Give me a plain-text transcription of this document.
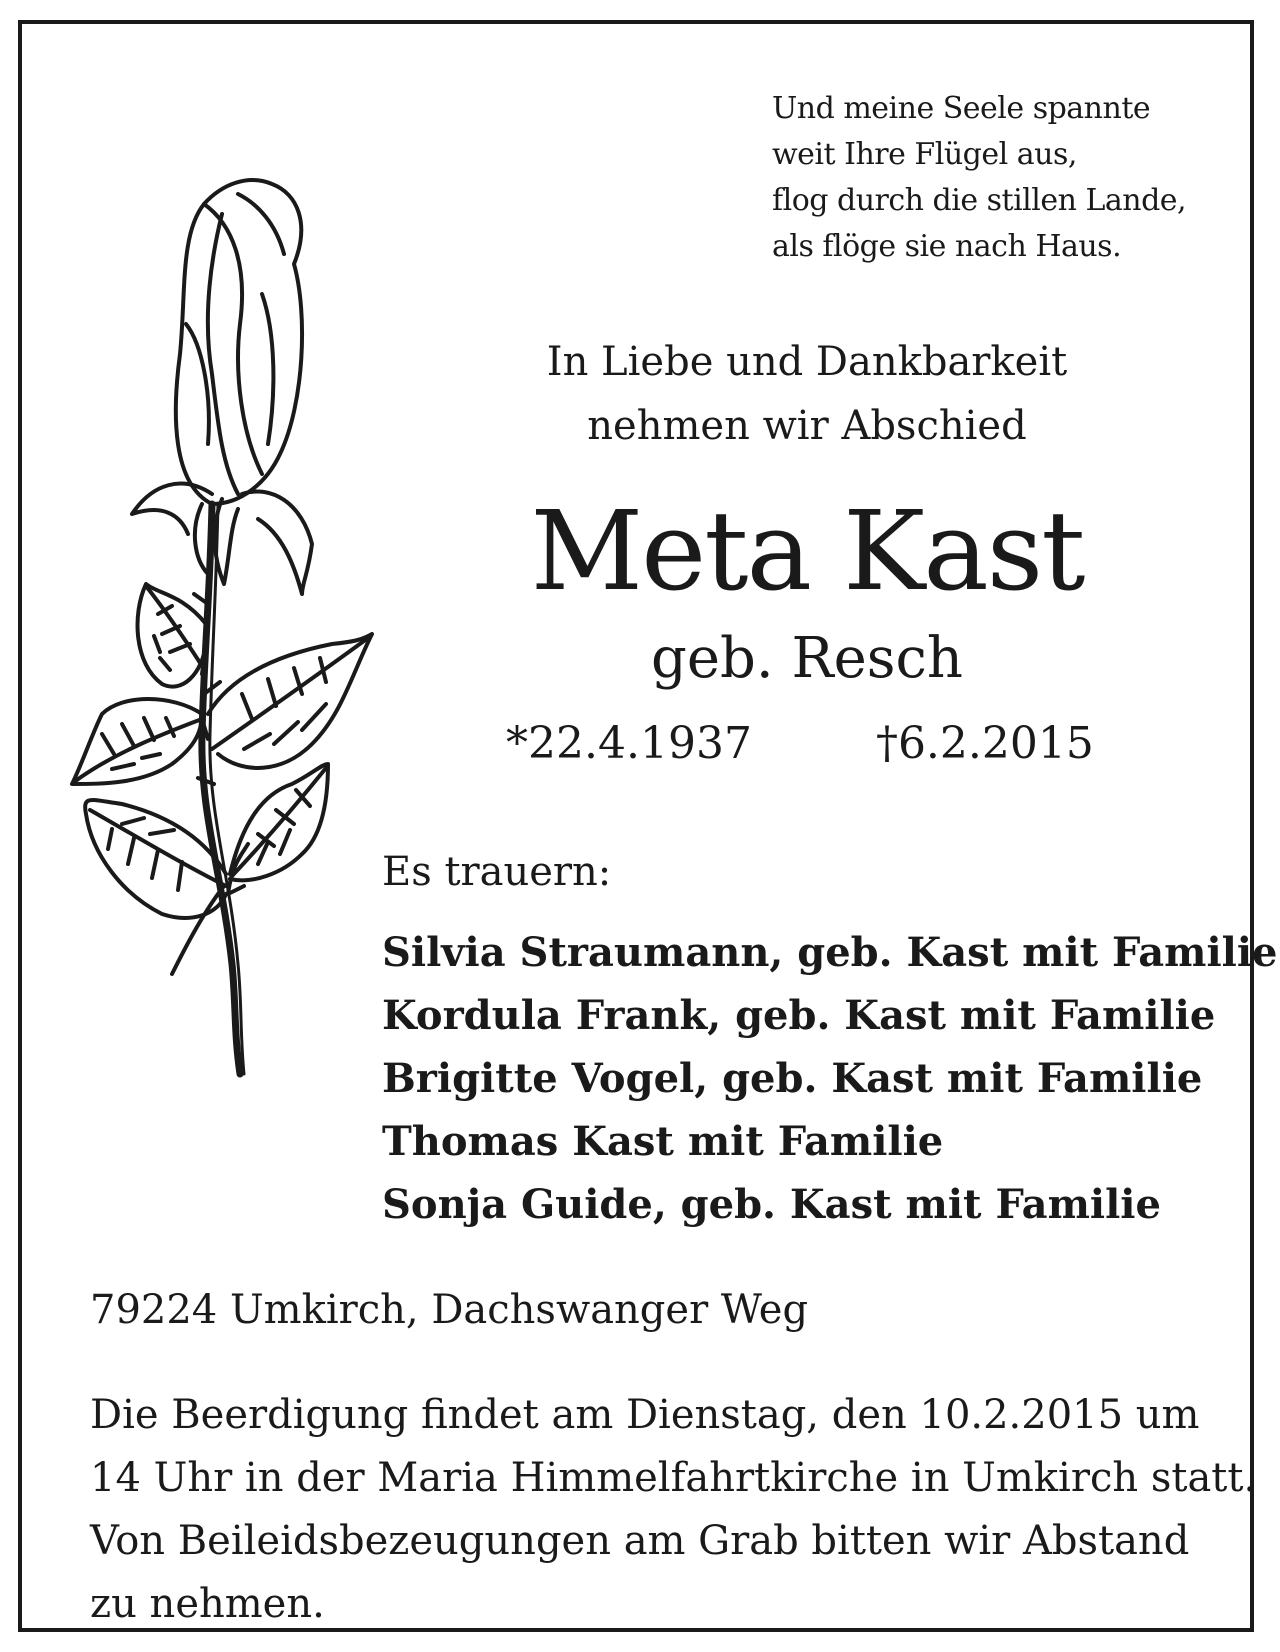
Und meine Seele spannte
weit Ihre Flügel aus,
flog durch die stillen Lande,
als flöge sie nach Haus.
In Liebe und Dankbarkeit
nehmen wir Abschied
Meta Kast
geb. Resch
*22.4.1937	†6.2.2015
Es trauern:
Silvia Straumann, geb. Kast mit Familie
Kordula Frank, geb. Kast mit Familie
Brigitte Vogel, geb. Kast mit Familie
Thomas Kast mit Familie
Sonja Guide, geb. Kast mit Familie
79224 Umkirch, Dachswanger Weg
Die Beerdigung findet am Dienstag, den 10.2.2015 um
14 Uhr in der Maria Himmelfahrtkirche in Umkirch statt.
Von Beileidsbezeugungen am Grab bitten wir Abstand
zu nehmen.
